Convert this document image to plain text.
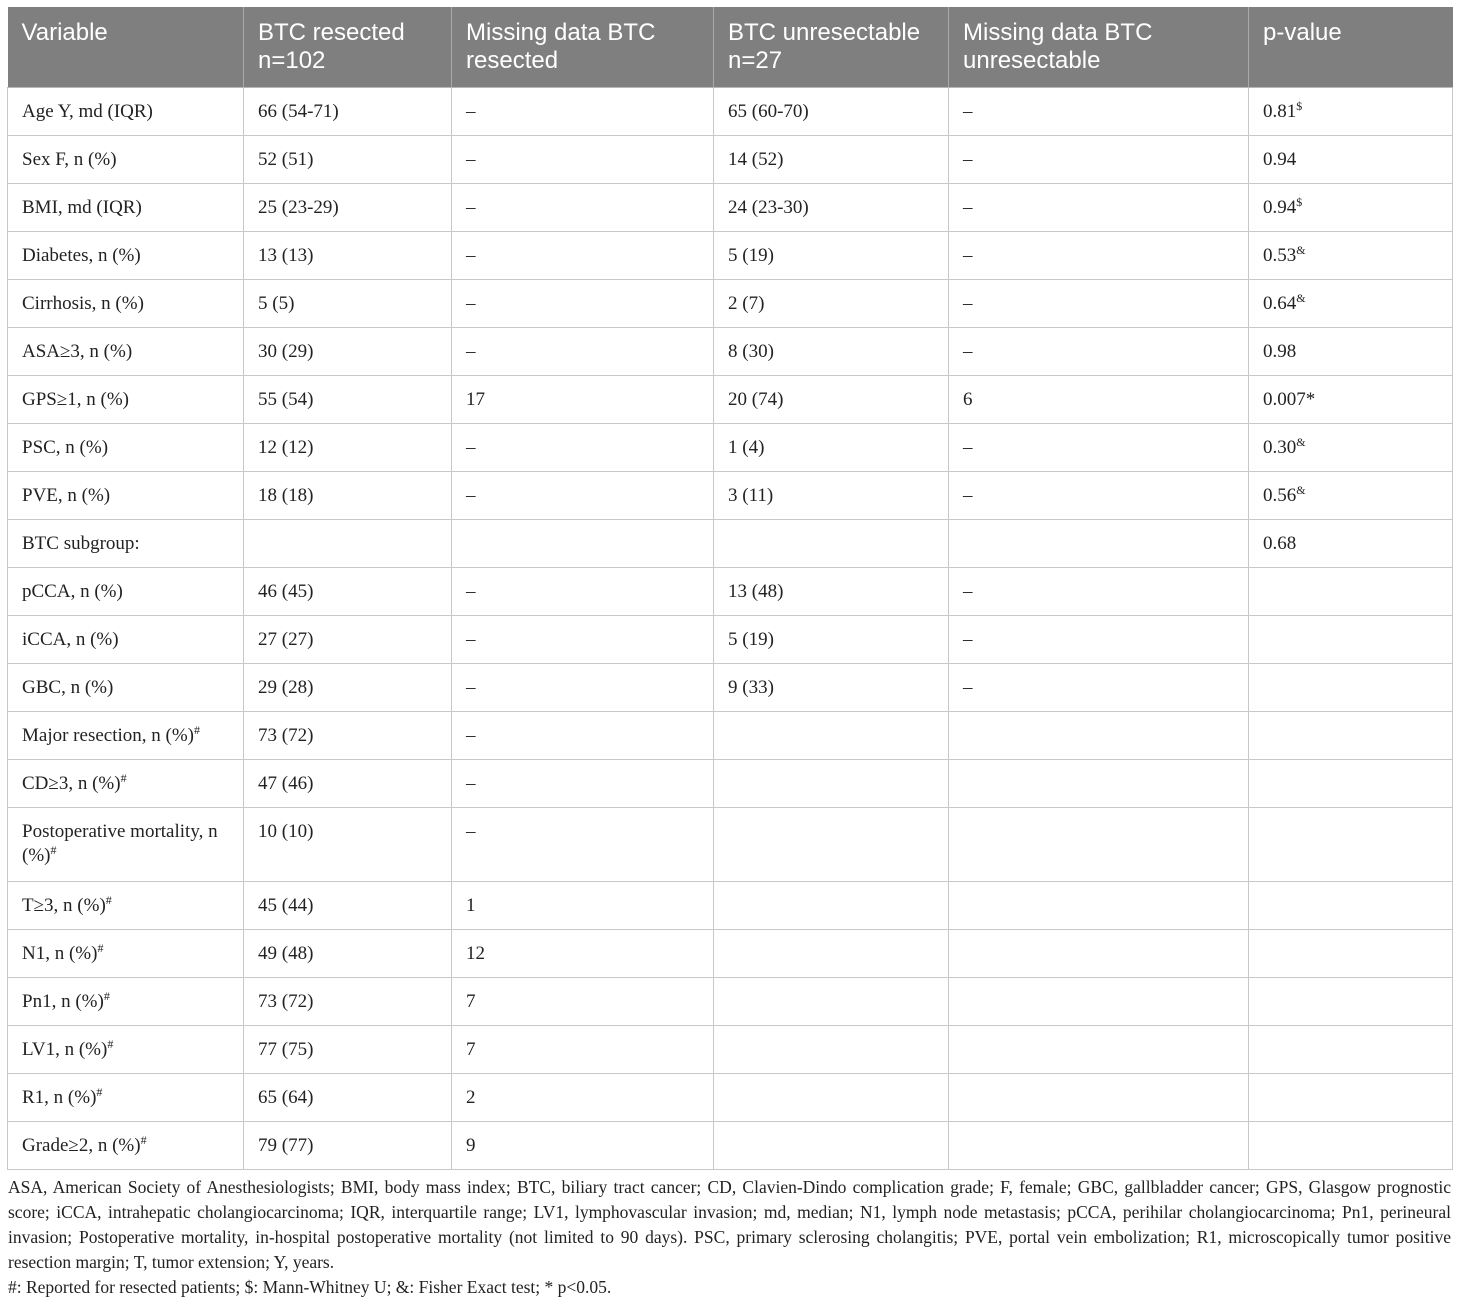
Variable	BTC resected n=102	Missing data BTC resected	BTC unresectable n=27	Missing data BTC unresectable	p-value
Age Y, md (IQR)	66 (54-71)	–	65 (60-70)	–	0.81$
Sex F, n (%)	52 (51)	–	14 (52)	–	0.94
BMI, md (IQR)	25 (23-29)	–	24 (23-30)	–	0.94$
Diabetes, n (%)	13 (13)	–	5 (19)	–	0.53&
Cirrhosis, n (%)	5 (5)	–	2 (7)	–	0.64&
ASA≥3, n (%)	30 (29)	–	8 (30)	–	0.98
GPS≥1, n (%)	55 (54)	17	20 (74)	6	0.007*
PSC, n (%)	12 (12)	–	1 (4)	–	0.30&
PVE, n (%)	18 (18)	–	3 (11)	–	0.56&
BTC subgroup:					0.68
pCCA, n (%)	46 (45)	–	13 (48)	–	
iCCA, n (%)	27 (27)	–	5 (19)	–	
GBC, n (%)	29 (28)	–	9 (33)	–	
Major resection, n (%)#	73 (72)	–			
CD≥3, n (%)#	47 (46)	–			
Postoperative mortality, n (%)#	10 (10)	–			
T≥3, n (%)#	45 (44)	1			
N1, n (%)#	49 (48)	12			
Pn1, n (%)#	73 (72)	7			
LV1, n (%)#	77 (75)	7			
R1, n (%)#	65 (64)	2			
Grade≥2, n (%)#	79 (77)	9			

ASA, American Society of Anesthesiologists; BMI, body mass index; BTC, biliary tract cancer; CD, Clavien-Dindo complication grade; F, female; GBC, gallbladder cancer; GPS, Glasgow prognostic score; iCCA, intrahepatic cholangiocarcinoma; IQR, interquartile range; LV1, lymphovascular invasion; md, median; N1, lymph node metastasis; pCCA, perihilar cholangiocarcinoma; Pn1, perineural invasion; Postoperative mortality, in-hospital postoperative mortality (not limited to 90 days). PSC, primary sclerosing cholangitis; PVE, portal vein embolization; R1, microscopically tumor positive resection margin; T, tumor extension; Y, years.

#: Reported for resected patients; $: Mann-Whitney U; &: Fisher Exact test; * p<0.05.
